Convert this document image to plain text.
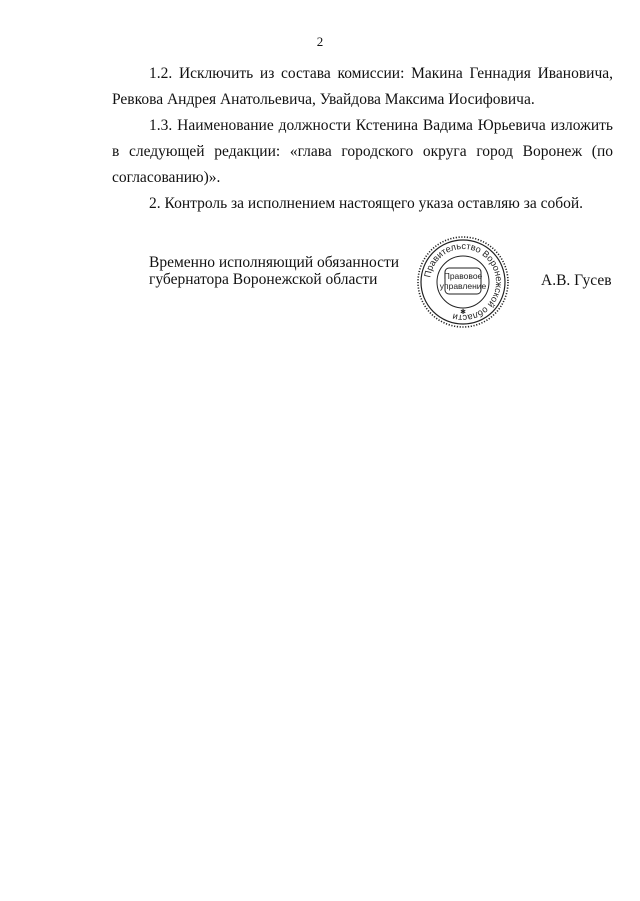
2
1.2. Исключить из состава комиссии: Макина Геннадия Ивановича, Ревкова Андрея Анатольевича, Увайдова Максима Иосифовича.
1.3. Наименование должности Кстенина Вадима Юрьевича изложить в следующей редакции: «глава городского округа город Воронеж (по согласованию)».
2. Контроль за исполнением настоящего указа оставляю за собой.
Временно исполняющий обязанности
губернатора Воронежской области	Правительство Воронежской области
Правовое
управление
✱
А.В. Гусев
